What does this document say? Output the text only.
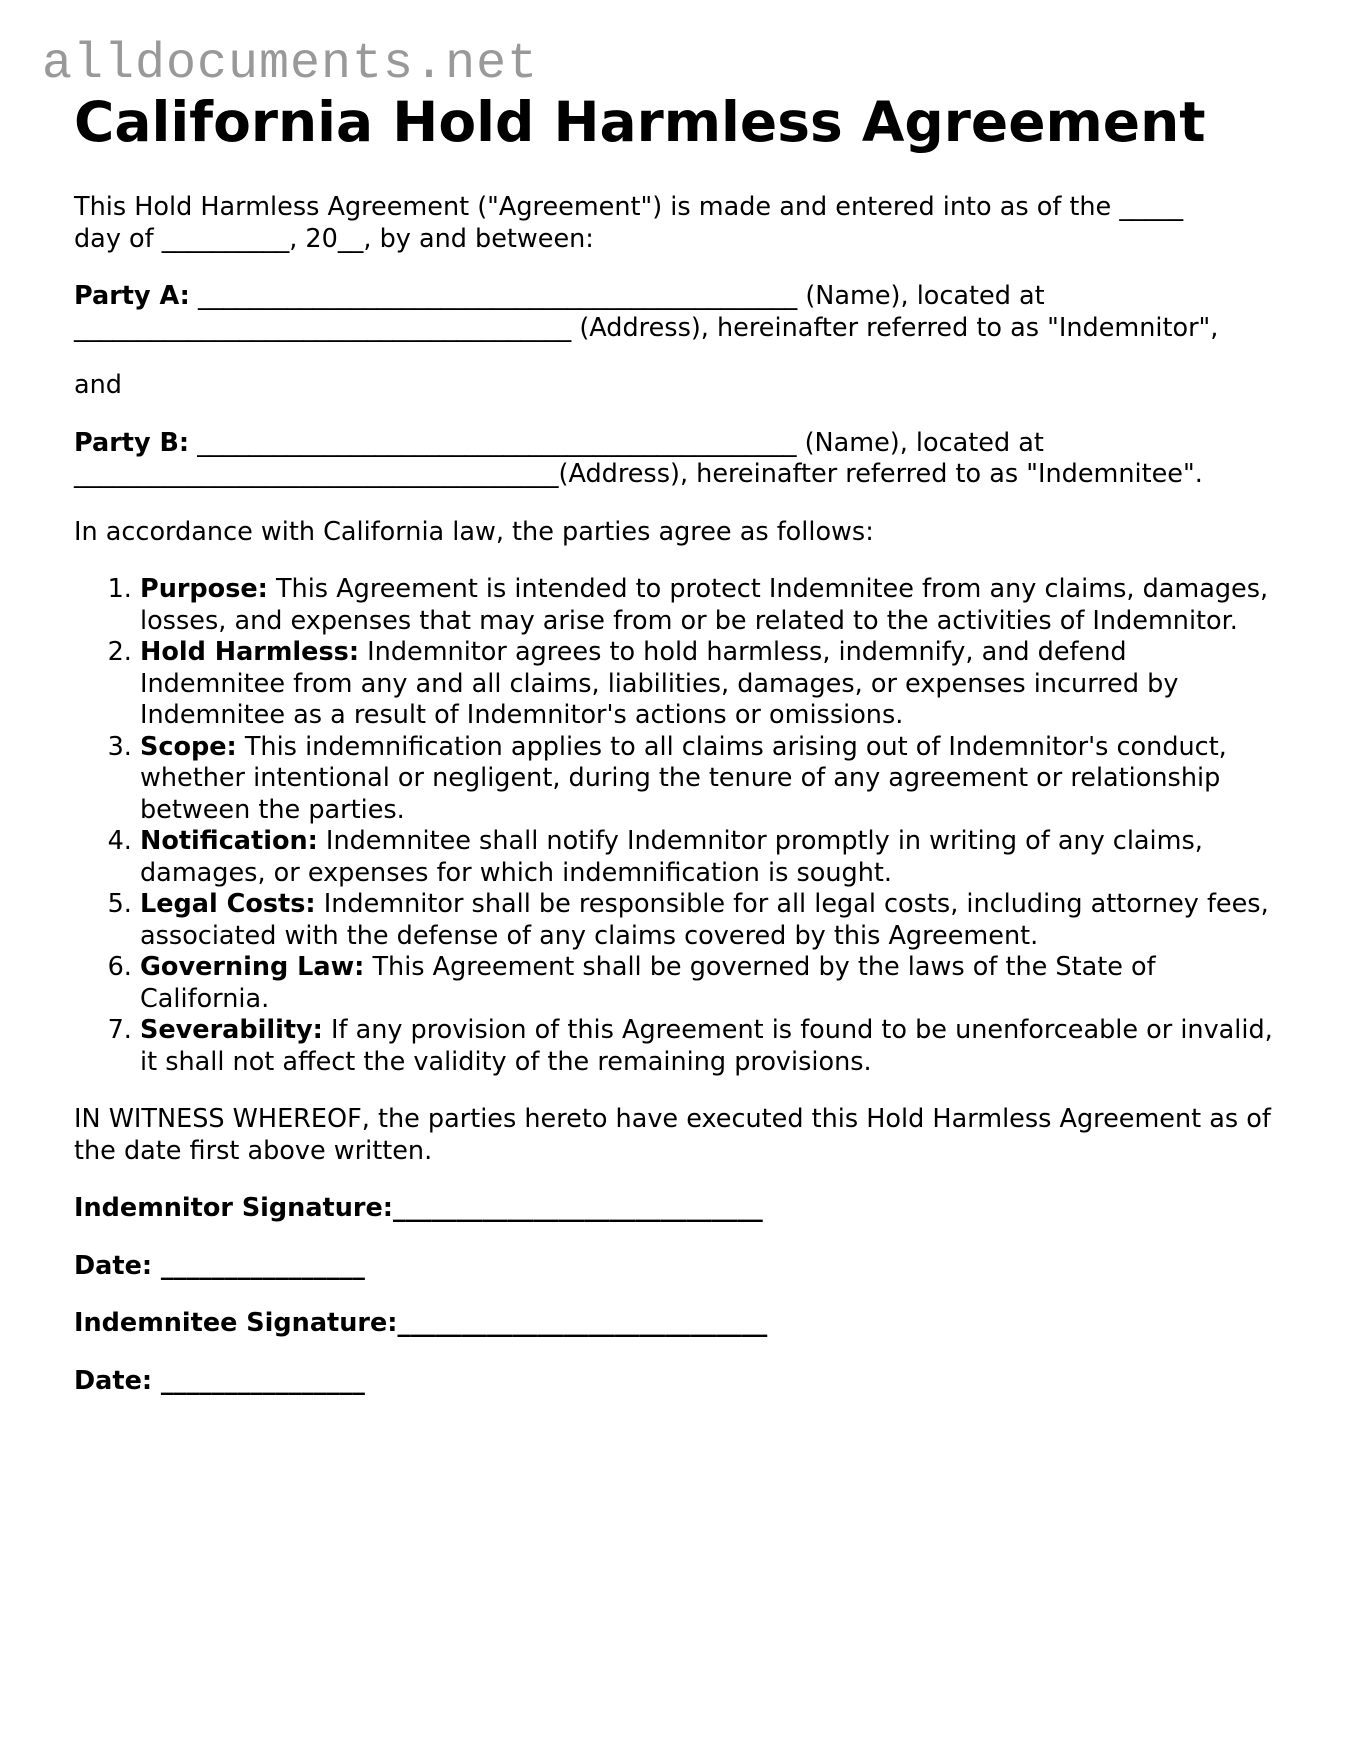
alldocuments.net
California Hold Harmless Agreement

This Hold Harmless Agreement ("Agreement") is made and entered into as of the _____
day of __________, 20__, by and between:

Party A: _______________________________________________ (Name), located at
_______________________________________ (Address), hereinafter referred to as "Indemnitor",

and

Party B: _______________________________________________ (Name), located at
______________________________________(Address), hereinafter referred to as "Indemnitee".

In accordance with California law, the parties agree as follows:

1. Purpose: This Agreement is intended to protect Indemnitee from any claims, damages, losses, and expenses that may arise from or be related to the activities of Indemnitor.
2. Hold Harmless: Indemnitor agrees to hold harmless, indemnify, and defend Indemnitee from any and all claims, liabilities, damages, or expenses incurred by Indemnitee as a result of Indemnitor's actions or omissions.
3. Scope: This indemnification applies to all claims arising out of Indemnitor's conduct, whether intentional or negligent, during the tenure of any agreement or relationship between the parties.
4. Notification: Indemnitee shall notify Indemnitor promptly in writing of any claims, damages, or expenses for which indemnification is sought.
5. Legal Costs: Indemnitor shall be responsible for all legal costs, including attorney fees, associated with the defense of any claims covered by this Agreement.
6. Governing Law: This Agreement shall be governed by the laws of the State of California.
7. Severability: If any provision of this Agreement is found to be unenforceable or invalid, it shall not affect the validity of the remaining provisions.

IN WITNESS WHEREOF, the parties hereto have executed this Hold Harmless Agreement as of the date first above written.

Indemnitor Signature:_____________________________

Date: ________________

Indemnitee Signature:_____________________________

Date: ________________
